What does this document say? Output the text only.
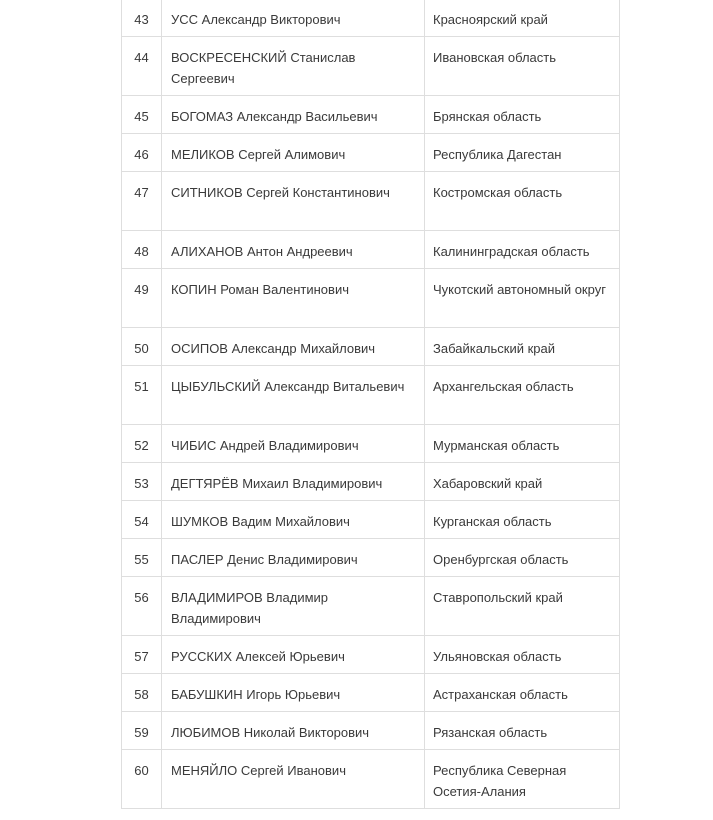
43	УСС Александр Викторович	Красноярский край
44	ВОСКРЕСЕНСКИЙ Станислав Сергеевич	Ивановская область
45	БОГОМАЗ Александр Васильевич	Брянская область
46	МЕЛИКОВ Сергей Алимович	Республика Дагестан
47	СИТНИКОВ Сергей Константинович	Костромская область
48	АЛИХАНОВ Антон Андреевич	Калининградская область
49	КОПИН Роман Валентинович	Чукотский автономный округ
50	ОСИПОВ Александр Михайлович	Забайкальский край
51	ЦЫБУЛЬСКИЙ Александр Витальевич	Архангельская область
52	ЧИБИС Андрей Владимирович	Мурманская область
53	ДЕГТЯРЁВ Михаил Владимирович	Хабаровский край
54	ШУМКОВ Вадим Михайлович	Курганская область
55	ПАСЛЕР Денис Владимирович	Оренбургская область
56	ВЛАДИМИРОВ Владимир Владимирович	Ставропольский край
57	РУССКИХ Алексей Юрьевич	Ульяновская область
58	БАБУШКИН Игорь Юрьевич	Астраханская область
59	ЛЮБИМОВ Николай Викторович	Рязанская область
60	МЕНЯЙЛО Сергей Иванович	Республика Северная Осетия-Алания
